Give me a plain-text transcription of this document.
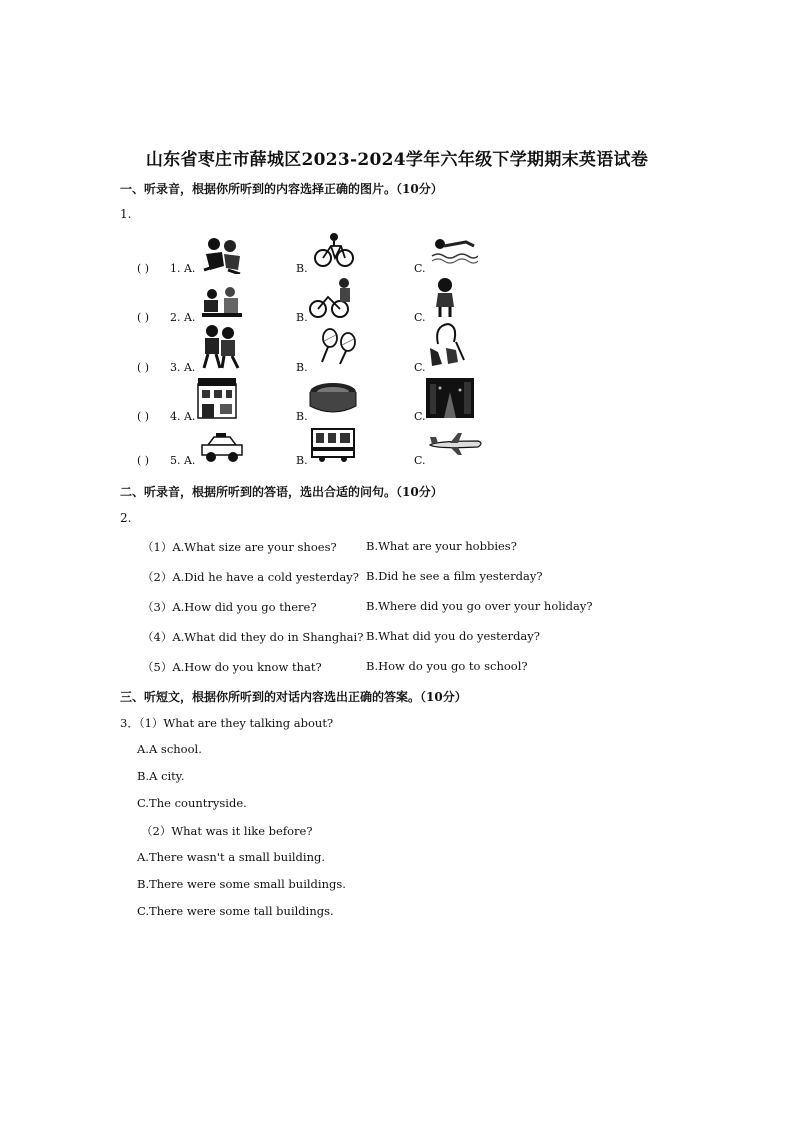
山东省枣庄市薛城区2023-2024学年六年级下学期期末英语试卷
一、听录音，根据你所听到的内容选择正确的图片。（10分）
1.
( ) 1. A.	B.	C.
( ) 2. A.	B.	C.
( ) 3. A.	B.	C.
( ) 4. A.	B.	C.
( ) 5. A.	B.	C.
二、听录音，根据所听到的答语，选出合适的问句。（10分）
2.
（1）A.What size are your shoes?	B.What are your hobbies?
（2）A.Did he have a cold yesterday? B.Did he see a film yesterday?
（3）A.How did you go there?	B.Where did you go over your holiday?
（4）A.What did they do in Shanghai? B.What did you do yesterday?
（5）A.How do you know that?	B.How do you go to school?
三、听短文，根据你所听到的对话内容选出正确的答案。（10分）
3．（1）What are they talking about?
A.A school.
B.A city.
C.The countryside.
（2）What was it like before?
A.There wasn't a small building.
B.There were some small buildings.
C.There were some tall buildings.
